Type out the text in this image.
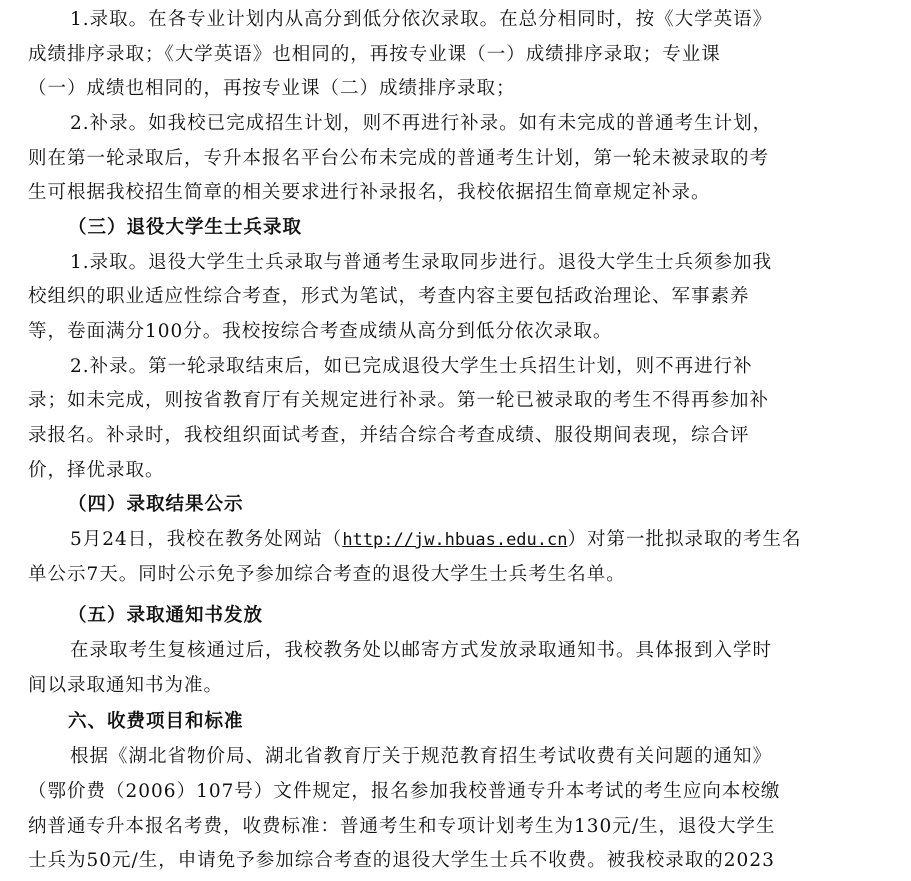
1.录取。在各专业计划内从高分到低分依次录取。在总分相同时，按《大学英语》
成绩排序录取；《大学英语》也相同的，再按专业课（一）成绩排序录取；专业课
（一）成绩也相同的，再按专业课（二）成绩排序录取；
2.补录。如我校已完成招生计划，则不再进行补录。如有未完成的普通考生计划，
则在第一轮录取后，专升本报名平台公布未完成的普通考生计划，第一轮未被录取的考
生可根据我校招生简章的相关要求进行补录报名，我校依据招生简章规定补录。
（三）退役大学生士兵录取
1.录取。退役大学生士兵录取与普通考生录取同步进行。退役大学生士兵须参加我
校组织的职业适应性综合考查，形式为笔试，考查内容主要包括政治理论、军事素养
等，卷面满分100分。我校按综合考查成绩从高分到低分依次录取。
2.补录。第一轮录取结束后，如已完成退役大学生士兵招生计划，则不再进行补
录；如未完成，则按省教育厅有关规定进行补录。第一轮已被录取的考生不得再参加补
录报名。补录时，我校组织面试考查，并结合综合考查成绩、服役期间表现，综合评
价，择优录取。
（四）录取结果公示
5月24日，我校在教务处网站（http://jw.hbuas.edu.cn）对第一批拟录取的考生名
单公示7天。同时公示免予参加综合考查的退役大学生士兵考生名单。
（五）录取通知书发放
在录取考生复核通过后，我校教务处以邮寄方式发放录取通知书。具体报到入学时
间以录取通知书为准。
六、收费项目和标准
根据《湖北省物价局、湖北省教育厅关于规范教育招生考试收费有关问题的通知》
（鄂价费（2006）107号）文件规定，报名参加我校普通专升本考试的考生应向本校缴
纳普通专升本报名考费，收费标准：普通考生和专项计划考生为130元/生，退役大学生
士兵为50元/生，申请免予参加综合考查的退役大学生士兵不收费。被我校录取的2023
